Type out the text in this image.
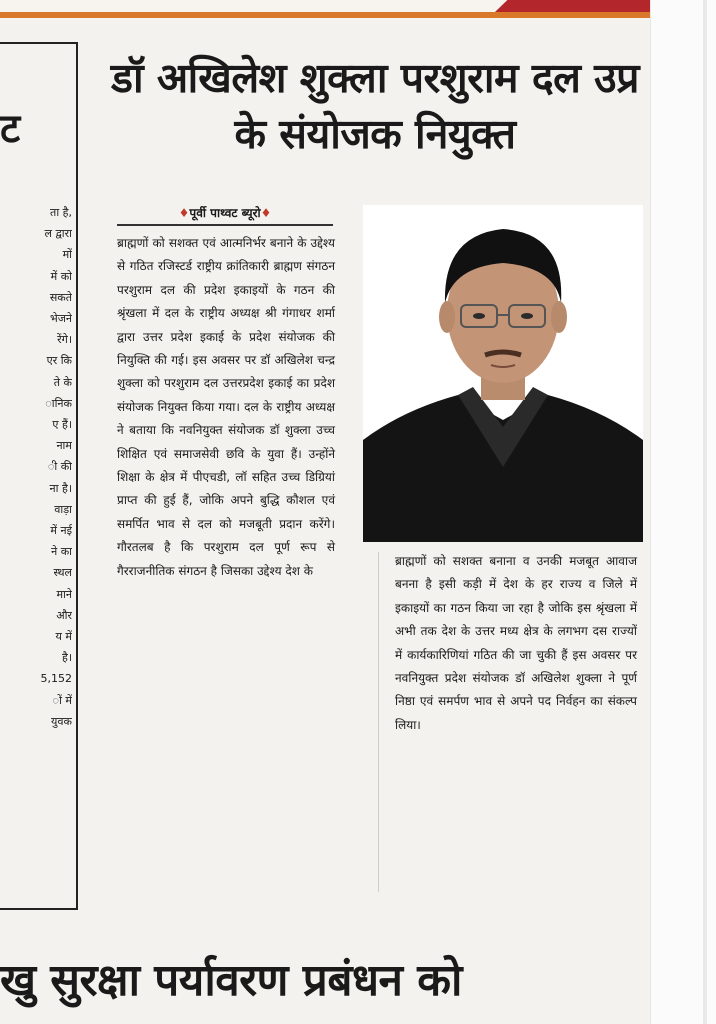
ट
ता है,
ल द्वारा
मों
में को
सकते
भेजने
रेंगे।
एर कि
ते के
ानिक
ए हैं।
नाम
ी की
ना है।
वाड़ा
में नई
ने का
स्थल
माने
और
य में
है।
5,152
ों में
युवक
डॉ अखिलेश शुक्ला परशुराम दल उप्र के संयोजक नियुक्त
♦पूर्वी पाथ्वट ब्यूरो♦
ब्राह्मणों को सशक्त एवं आत्मनिर्भर बनाने के उद्देश्य से गठित रजिस्टर्ड राष्ट्रीय क्रांतिकारी ब्राह्मण संगठन परशुराम दल की प्रदेश इकाइयों के गठन की श्रृंखला में दल के राष्ट्रीय अध्यक्ष श्री गंगाधर शर्मा द्वारा उत्तर प्रदेश इकाई के प्रदेश संयोजक की नियुक्ति की गई। इस अवसर पर डॉ अखिलेश चन्द्र शुक्ला को परशुराम दल उत्तरप्रदेश इकाई का प्रदेश संयोजक नियुक्त किया गया। दल के राष्ट्रीय अध्यक्ष ने बताया कि नवनियुक्त संयोजक डॉ शुक्ला उच्च शिक्षित एवं समाजसेवी छवि के युवा हैं। उन्होंने शिक्षा के क्षेत्र में पीएचडी, लॉ सहित उच्च डिग्रियां प्राप्त की हुई हैं, जोकि अपने बुद्धि कौशल एवं समर्पित भाव से दल को मजबूती प्रदान करेंगे। गौरतलब है कि परशुराम दल पूर्ण रूप से गैरराजनीतिक संगठन है जिसका उद्देश्य देश के
ब्राह्मणों को सशक्त बनाना व उनकी मजबूत आवाज बनना है इसी कड़ी में देश के हर राज्य व जिले में इकाइयों का गठन किया जा रहा है जोकि इस श्रृंखला में अभी तक देश के उत्तर मध्य क्षेत्र के लगभग दस राज्यों में कार्यकारिणियां गठित की जा चुकी हैं इस अवसर पर नवनियुक्त प्रदेश संयोजक डॉ अखिलेश शुक्ला ने पूर्ण निष्ठा एवं समर्पण भाव से अपने पद निर्वहन का संकल्प लिया।
खु सुरक्षा पर्यावरण प्रबंधन को
